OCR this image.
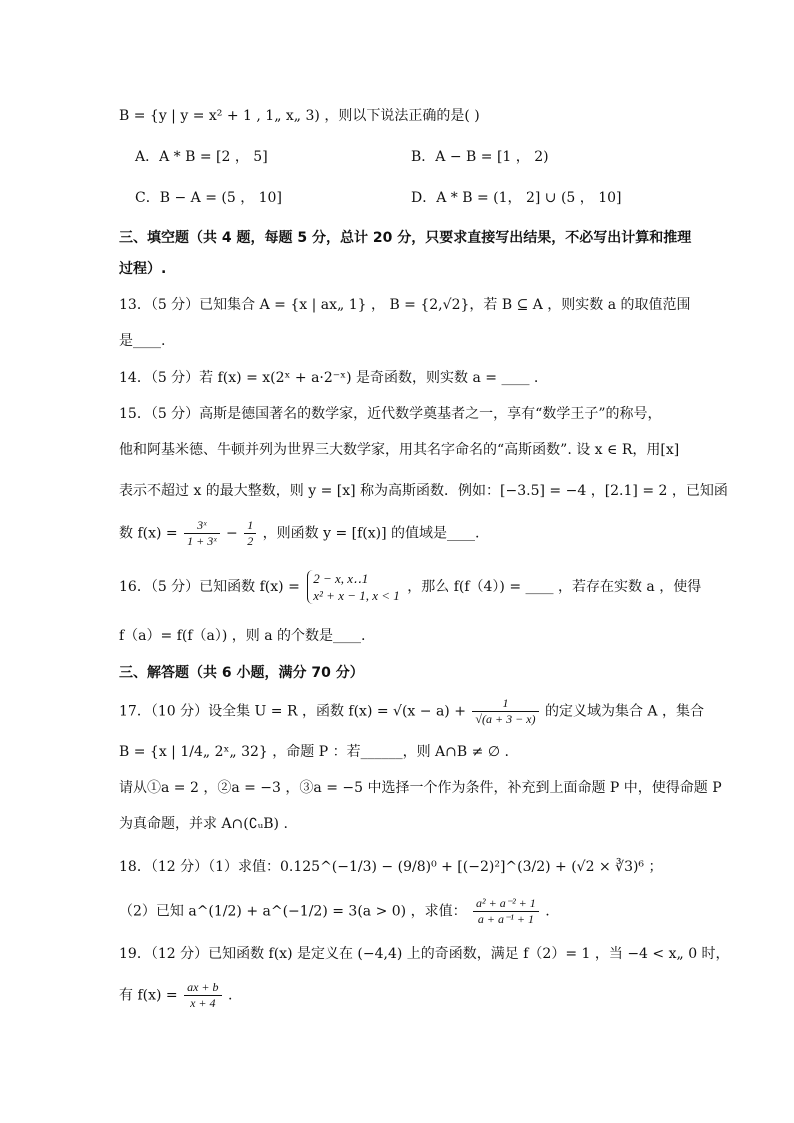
B = {y | y = x² + 1 , 1„ x„ 3) ，则以下说法正确的是( )
A．A * B = [2 ， 5]	B．A − B = [1 ， 2)
C．B − A = (5 ， 10]	D．A * B = (1， 2] ∪ (5 ， 10]
三、填空题（共 4 题，每题 5 分，总计 20 分，只要求直接写出结果，不必写出计算和推理
过程）.
13．（5 分）已知集合 A = {x | ax„ 1} ， B = {2,√2}，若 B ⊆ A ，则实数 a 的取值范围
是____.
14．（5 分）若 f(x) = x(2ˣ + a·2⁻ˣ) 是奇函数，则实数 a = ____ .
15．（5 分）高斯是德国著名的数学家，近代数学奠基者之一，享有“数学王子”的称号，
他和阿基米德、牛顿并列为世界三大数学家，用其名字命名的“高斯函数”. 设 x ∈ R，用[x]
表示不超过 x 的最大整数，则 y = [x] 称为高斯函数．例如：[−3.5] = −4 ，[2.1] = 2 ，已知函
数 $f(x) = \frac{\text{3ˣ}}{\text{1 + 3ˣ}} - \frac{1}{2}$ ，则函数 y = [f(x)] 的值域是____.
16．（5 分）已知函数 f(x) =
2 − x, x‥1
x² + x − 1, x < 1
，那么 f(f（4）) = ____ ，若存在实数 a ，使得
f（a）= f(f（a）) ，则 a 的个数是____.
三、解答题（共 6 小题，满分 70 分）
17．（10 分）设全集 U = R ，函数 $f(x) = √(x - a) + \frac{1}{√(a + 3 - x)}$ 的定义域为集合 A ，集合
B = {x | 1/4„ 2ˣ„ 32} ，命题 P ：若______，则 A∩B ≠ ∅ .
请从①a = 2 ，②a = −3 ，③a = −5 中选择一个作为条件，补充到上面命题 P 中，使得命题 P
为真命题，并求 A∩(∁ᵤB) .
18．（12 分）（1）求值：0.125^(−1/3) − (9/8)⁰ + [(−2)²]^(3/2) + (√2 × ∛3)⁶ ；
（2）已知 a^(1/2) + a^(−1/2) = 3(a > 0) ，求值： $\frac{\text{a² + a⁻² + 1}}{\text{a + a⁻¹ + 1}}$ .
19．（12 分）已知函数 f(x) 是定义在 (−4,4) 上的奇函数，满足 f（2）= 1 ，当 −4 < x„ 0 时，
有 $f(x) = \frac{ax + b}{x + 4}$ .
